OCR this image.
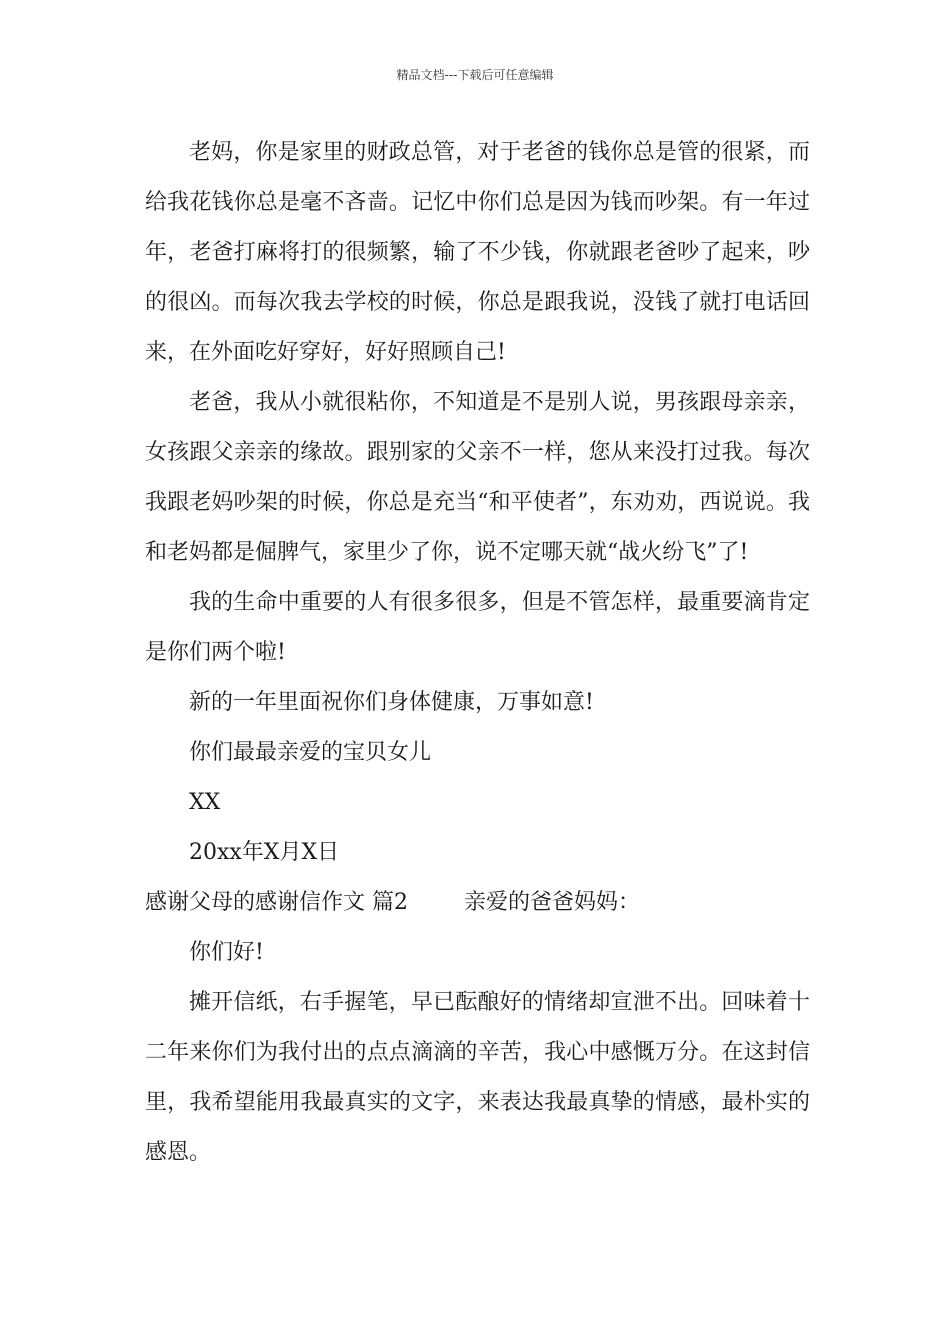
精品文档---下载后可任意编辑

老妈，你是家里的财政总管，对于老爸的钱你总是管的很紧，而给我花钱你总是毫不吝啬。记忆中你们总是因为钱而吵架。有一年过年，老爸打麻将打的很频繁，输了不少钱，你就跟老爸吵了起来，吵的很凶。而每次我去学校的时候，你总是跟我说，没钱了就打电话回来，在外面吃好穿好，好好照顾自己!

老爸，我从小就很粘你，不知道是不是别人说，男孩跟母亲亲，女孩跟父亲亲的缘故。跟别家的父亲不一样，您从来没打过我。每次我跟老妈吵架的时候，你总是充当“和平使者”，东劝劝，西说说。我和老妈都是倔脾气，家里少了你，说不定哪天就“战火纷飞”了!

我的生命中重要的人有很多很多，但是不管怎样，最重要滴肯定是你们两个啦!

新的一年里面祝你们身体健康，万事如意!

你们最最亲爱的宝贝女儿

XX

20xx年X月X日

感谢父母的感谢信作文 篇2	亲爱的爸爸妈妈：

你们好!

摊开信纸，右手握笔，早已酝酿好的情绪却宣泄不出。回味着十二年来你们为我付出的点点滴滴的辛苦，我心中感慨万分。在这封信里，我希望能用我最真实的文字，来表达我最真挚的情感，最朴实的感恩。
